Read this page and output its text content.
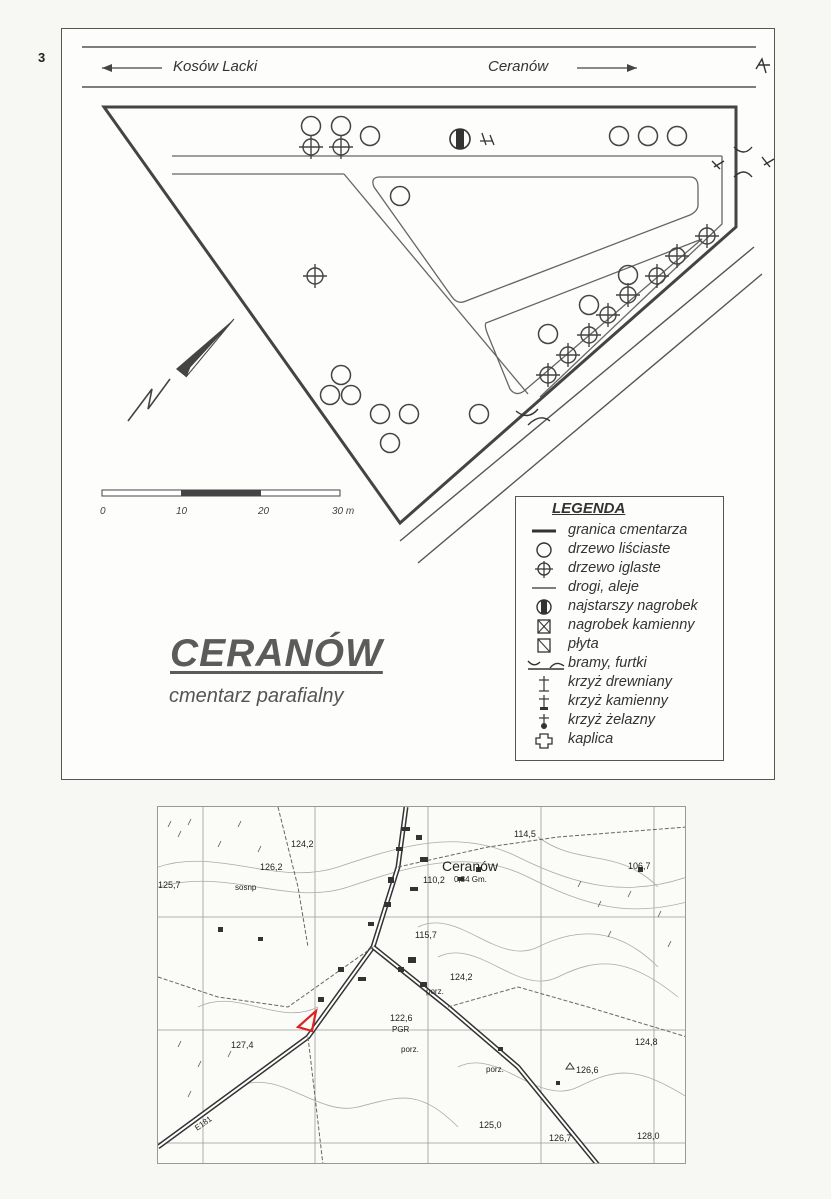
3
Kosów Lacki	Ceranów
0	10	20	30 m	LEGENDA
granica cmentarza
drzewo liściaste
drzewo iglaste
drogi, aleje
najstarszy nagrobek
nagrobek kamienny
płyta
bramy, furtki
krzyż drewniany
krzyż kamienny
krzyż żelazny
kaplica
CERANÓW
cmentarz parafialny
Ceranów
0,84 Gm.
114,5
124,2
126,2
125,7	110,2
106,7
115,7
124,2
122,6
PGR
127,4	124,8
126,6
125,0
126,7	128,0
sosnp
porz.
porz.
porz.
E181
